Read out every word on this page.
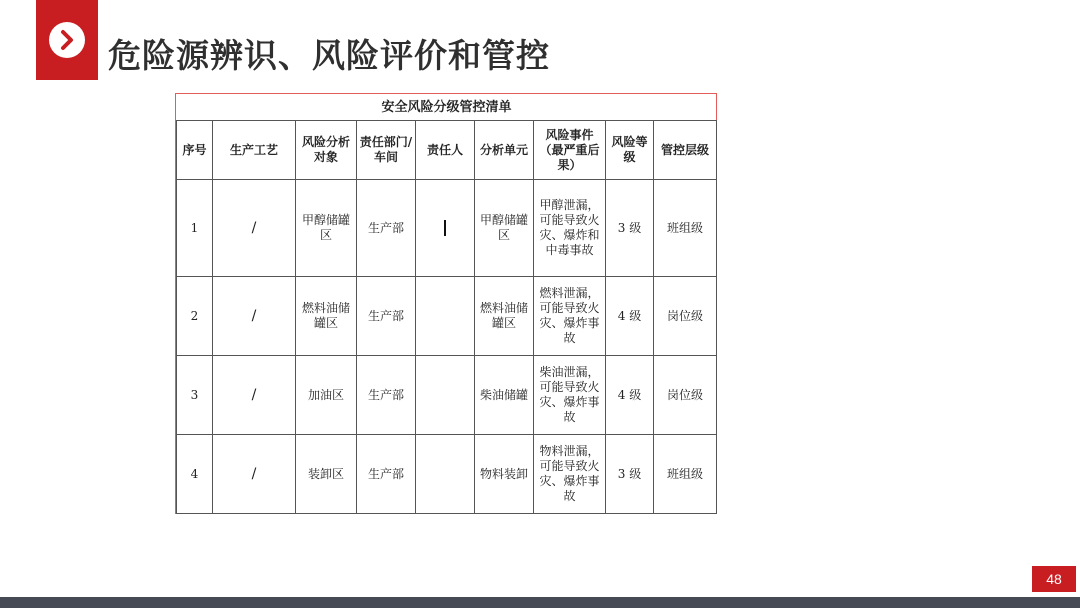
危险源辨识、风险评价和管控
安全风险分级管控清单								
序号	生产工艺	风险分析对象	责任部门/车间	责任人	分析单元	风险事件（最严重后果）	风险等级	管控层级
1	/	甲醇储罐区	生产部		甲醇储罐区	甲醇泄漏，可能导致火灾、爆炸和中毒事故	3 级	班组级
2	/	燃料油储罐区	生产部		燃料油储罐区	燃料泄漏，可能导致火灾、爆炸事故	4 级	岗位级
3	/	加油区	生产部		柴油储罐	柴油泄漏，可能导致火灾、爆炸事故	4 级	岗位级
4	/	装卸区	生产部		物料装卸	物料泄漏，可能导致火灾、爆炸事故	3 级	班组级
48
